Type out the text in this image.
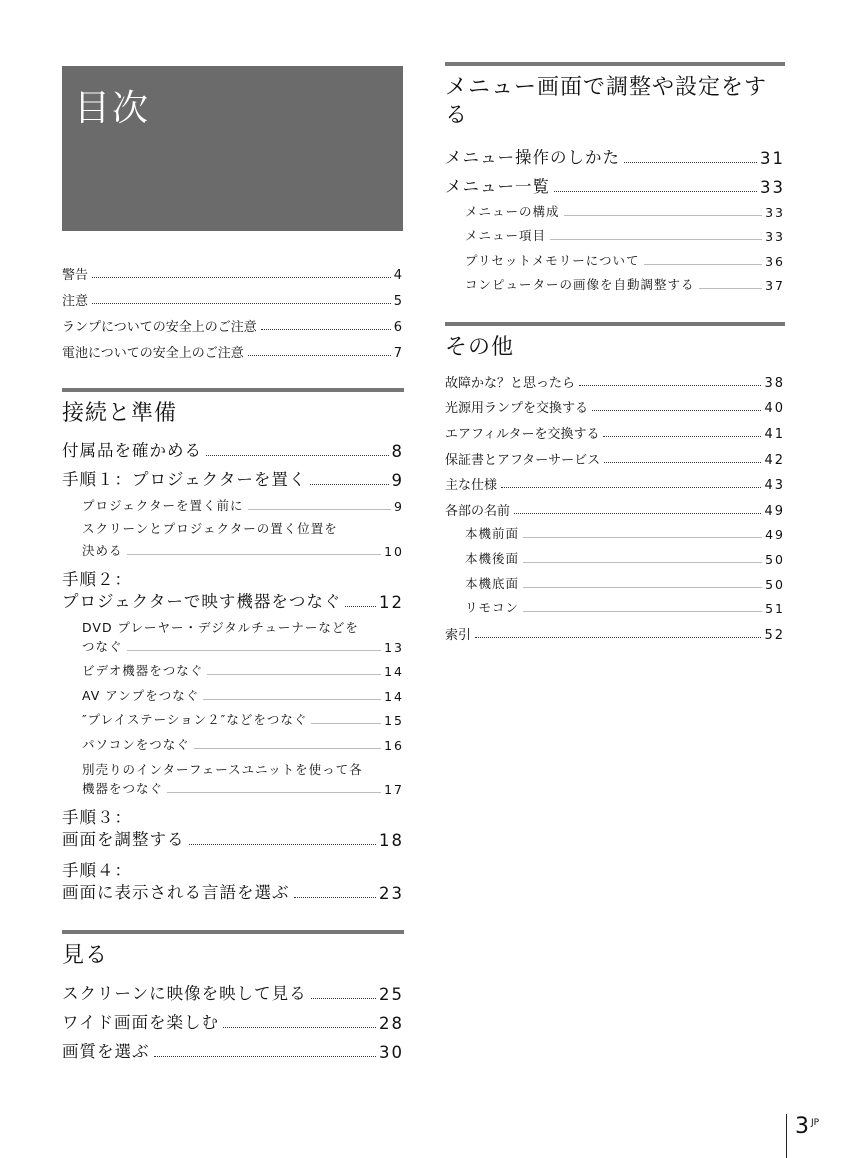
目次
警告	4
注意	5
ランプについての安全上のご注意	6
電池についての安全上のご注意	7
接続と準備
付属品を確かめる	8
手順１：プロジェクターを置く	9
プロジェクターを置く前に	9
スクリーンとプロジェクターの置く位置を
決める	10
手順２：
プロジェクターで映す機器をつなぐ 12
DVD プレーヤー・デジタルチューナーなどを
つなぐ	13
ビデオ機器をつなぐ	14
AV アンプをつなぐ	14
″プレイステーション２″などをつなぐ	15
パソコンをつなぐ	16
別売りのインターフェースユニットを使って各
機器をつなぐ	17
手順３：
画面を調整する	18
手順４：
画面に表示される言語を選ぶ	23
見る
スクリーンに映像を映して見る	25
ワイド画面を楽しむ	28
画質を選ぶ	30
メニュー画面で調整や設定をす
る
メニュー操作のしかた	31
メニュー一覧	33
メニューの構成	33
メニュー項目	33
プリセットメモリーについて	36
コンピューターの画像を自動調整する	37
その他
故障かな？と思ったら	38
光源用ランプを交換する	40
エアフィルターを交換する	41
保証書とアフターサービス	42
主な仕様	43
各部の名前	49
本機前面	49
本機後面	50
本機底面	50
リモコン	51
索引	52
3 $^{JP}$
